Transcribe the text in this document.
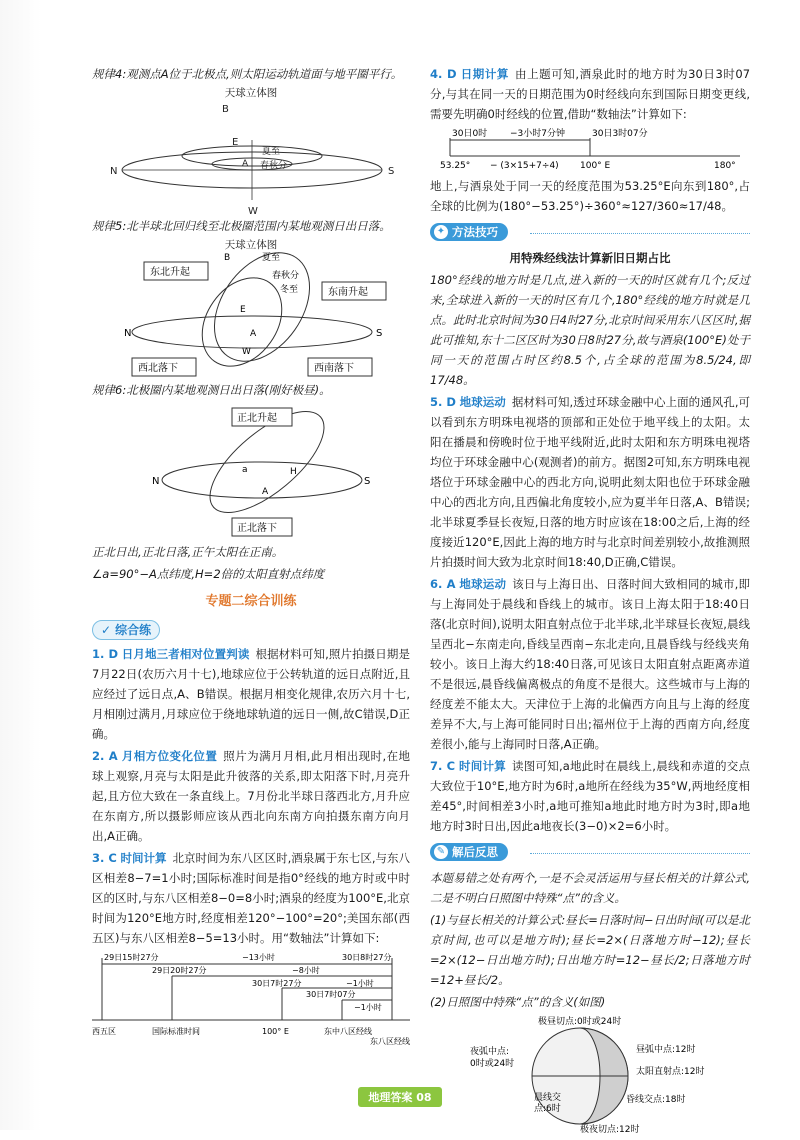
规律4:观测点A位于北极点,则太阳运动轨道面与地平圈平行。

天球立体图
B
E
N	S
W
夏至
春秋分
A

规律5:北半球北回归线至北极圈范围内某地观测日出日落。

天球立体图
东北升起
东南升起
西北落下	西南落下
B	夏至
春秋分
冬至
N	S
E
W
A

规律6:北极圈内某地观测日出日落(刚好极昼)。

正北升起
正北落下
N	S
A
H
a

正北日出,正北日落,正午太阳在正南。

∠a=90°−A点纬度,H=2倍的太阳直射点纬度

专题二综合训练
✓ 综合练

1. D 日月地三者相对位置判读 根据材料可知,照片拍摄日期是7月22日(农历六月十七),地球应位于公转轨道的远日点附近,且应经过了远日点,A、B错误。根据月相变化规律,农历六月十七,月相刚过满月,月球应位于绕地球轨道的远日一侧,故C错误,D正确。

2. A 月相方位变化位置 照片为满月月相,此月相出现时,在地球上观察,月亮与太阳是此升彼落的关系,即太阳落下时,月亮升起,且方位大致在一条直线上。7月份北半球日落西北方,月升应在东南方,所以摄影师应该从西北向东南方向拍摄东南方向月出,A正确。

3. C 时间计算 北京时间为东八区区时,酒泉属于东七区,与东八区相差8−7=1小时;国际标准时间是指0°经线的地方时或中时区的区时,与东八区相差8−0=8小时;酒泉的经度为100°E,北京时间为120°E地方时,经度相差120°−100°=20°;美国东部(西五区)与东八区相差8−5=13小时。用“数轴法”计算如下:

29日15时27分	−13小时	30日8时27分
29日20时27分	−8小时
30日7时27分	−1小时
30日7时07分
−1小时
西五区	国际标准时间	100° E	东中八区经线
东八区经线

4. D 日期计算 由上题可知,酒泉此时的地方时为30日3时07分,与其在同一天的日期范围为0时经线向东到国际日期变更线,需要先明确0时经线的位置,借助“数轴法”计算如下:

30日0时	−3小时7分钟	30日3时07分
53.25° − (3×15+7÷4) 100° E	180°

地上,与酒泉处于同一天的经度范围为53.25°E向东到180°,占全球的比例为(180°−53.25°)÷360°≈127/360≈17/48。

✦ 方法技巧
用特殊经线法计算新旧日期占比

180°经线的地方时是几点,进入新的一天的时区就有几个;反过来,全球进入新的一天的时区有几个,180°经线的地方时就是几点。此时北京时间为30日4时27分,北京时间采用东八区区时,据此可推知,东十二区区时为30日8时27分,故与酒泉(100°E)处于同一天的范围占时区约8.5个,占全球的范围为8.5/24,即17/48。

5. D 地球运动 据材料可知,透过环球金融中心上面的通风孔,可以看到东方明珠电视塔的顶部和正处位于地平线上的太阳。太阳在播晨和傍晚时位于地平线附近,此时太阳和东方明珠电视塔均位于环球金融中心(观测者)的前方。据图2可知,东方明珠电视塔位于环球金融中心的西北方向,说明此刻太阳也位于环球金融中心的西北方向,且西偏北角度较小,应为夏半年日落,A、B错误;北半球夏季昼长夜短,日落的地方时应该在18:00之后,上海的经度接近120°E,因此上海的地方时与北京时间差别较小,故推测照片拍摄时间大致为北京时间18:40,D正确,C错误。

6. A 地球运动 该日与上海日出、日落时间大致相同的城市,即与上海同处于晨线和昏线上的城市。该日上海太阳于18:40日落(北京时间),说明太阳直射点位于北半球,北半球昼长夜短,晨线呈西北−东南走向,昏线呈西南−东北走向,且晨昏线与经线夹角较小。该日上海大约18:40日落,可见该日太阳直射点距离赤道不是很远,晨昏线偏离极点的角度不是很大。这些城市与上海的经度差不能太大。天津位于上海的北偏西方向且与上海的经度差异不大,与上海可能同时日出;福州位于上海的西南方向,经度差很小,能与上海同时日落,A正确。

7. C 时间计算 读图可知,a地此时在晨线上,晨线和赤道的交点大致位于10°E,地方时为6时,a地所在经线为35°W,两地经度相差45°,时间相差3小时,a地可推知a地此时地方时为3时,即a地地方时3时日出,因此a地夜长(3−0)×2=6小时。

✎ 解后反思

本题易错之处有两个,一是不会灵活运用与昼长相关的计算公式,二是不明白日照图中特殊“点”的含义。

(1)与昼长相关的计算公式:昼长=日落时间−日出时间(可以是北京时间,也可以是地方时);昼长=2×(日落地方时−12);昼长=2×(12−日出地方时);日出地方时=12−昼长/2;日落地方时=12+昼长/2。

(2)日照图中特殊“点”的含义(如图)

极昼切点:0时或24时
夜弧中点:
0时或24时
昼弧中点:12时
太阳直射点:12时
晨线交
点:6时
昏线交点:18时
极夜切点:12时
地理答案 08
